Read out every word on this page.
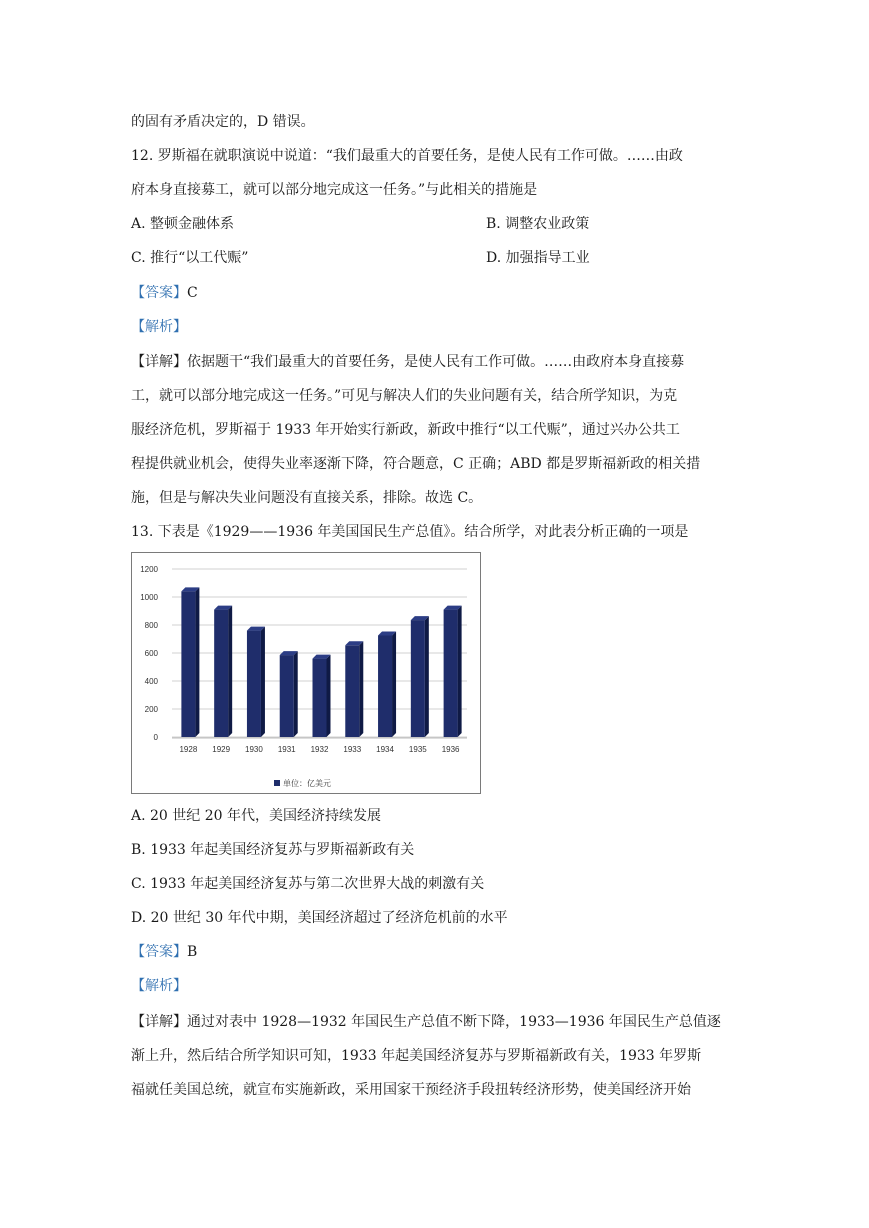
的固有矛盾决定的，D 错误。
12. 罗斯福在就职演说中说道：“我们最重大的首要任务，是使人民有工作可做。……由政
府本身直接募工，就可以部分地完成这一任务。”与此相关的措施是
A. 整顿金融体系	B. 调整农业政策
C. 推行“以工代赈”	D. 加强指导工业
【答案】C
【解析】
【详解】依据题干“我们最重大的首要任务，是使人民有工作可做。……由政府本身直接募
工，就可以部分地完成这一任务。”可见与解决人们的失业问题有关，结合所学知识，为克
服经济危机，罗斯福于 1933 年开始实行新政，新政中推行“以工代赈”，通过兴办公共工
程提供就业机会，使得失业率逐渐下降，符合题意，C 正确；ABD 都是罗斯福新政的相关措
施，但是与解决失业问题没有直接关系，排除。故选 C。
13. 下表是《1929——1936 年美国国民生产总值》。结合所学，对此表分析正确的一项是
0
200
400
600
800
1000
1200
1928 1929 1930 1931 1932 1933 1934 1935 1936
单位：亿美元
A. 20 世纪 20 年代，美国经济持续发展
B. 1933 年起美国经济复苏与罗斯福新政有关
C. 1933 年起美国经济复苏与第二次世界大战的刺激有关
D. 20 世纪 30 年代中期，美国经济超过了经济危机前的水平
【答案】B
【解析】
【详解】通过对表中 1928—1932 年国民生产总值不断下降，1933—1936 年国民生产总值逐
渐上升，然后结合所学知识可知，1933 年起美国经济复苏与罗斯福新政有关，1933 年罗斯
福就任美国总统，就宣布实施新政，采用国家干预经济手段扭转经济形势，使美国经济开始
